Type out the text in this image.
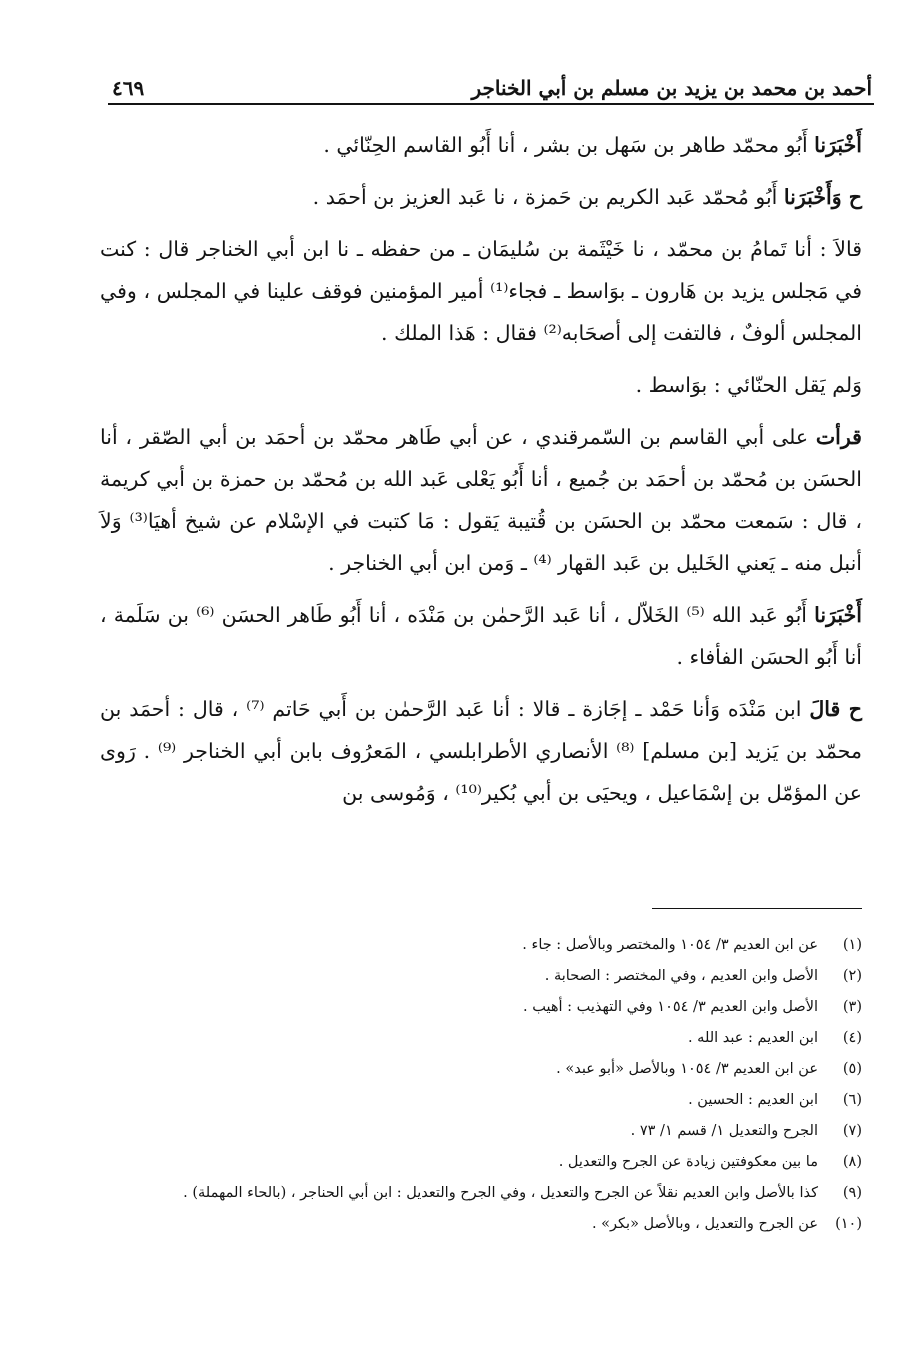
أحمد بن محمد بن يزيد بن مسلم بن أبي الخناجر
٤٦٩

أَخْبَرَنا أَبُو محمّد طاهر بن سَهل بن بشر ، أنا أَبُو القاسم الحِنّائي .

ح وَأَخْبَرَنا أَبُو مُحمّد عَبد الكريم بن حَمزة ، نا عَبد العزيز بن أحمَد .

قالاَ : أنا تَمامُ بن محمّد ، نا خَيْثَمة بن سُليمَان ـ من حفظه ـ نا ابن أبي الخناجر قال : كنت في مَجلس يزيد بن هَارون ـ بوَاسط ـ فجاء⁽¹⁾ أمير المؤمنين فوقف علينا في المجلس ، وفي المجلس ألوفٌ ، فالتفت إلى أصحَابه⁽²⁾ فقال : هَذا الملك .

وَلم يَقل الحنّائي : بوَاسط .

قرأت على أبي القاسم بن السّمرقندي ، عن أبي طَاهر محمّد بن أحمَد بن أبي الصّقر ، أنا الحسَن بن مُحمّد بن أحمَد بن جُميع ، أنا أَبُو يَعْلى عَبد الله بن مُحمّد بن حمزة بن أبي كريمة ، قال : سَمعت محمّد بن الحسَن بن قُتيبة يَقول : مَا كتبت في الإسْلام عن شيخ أهيَا⁽³⁾ وَلاَ أنبل منه ـ يَعني الخَليل بن عَبد القهار ⁽⁴⁾ ـ وَمن ابن أبي الخناجر .

أَخْبَرَنا أَبُو عَبد الله ⁽⁵⁾ الخَلاّل ، أنا عَبد الرَّحمٰن بن مَنْدَه ، أنا أَبُو طَاهر الحسَن ⁽⁶⁾ بن سَلَمة ، أنا أَبُو الحسَن الفأفاء .

ح قالَ ابن مَنْدَه وَأنا حَمْد ـ إجَازة ـ قالا : أنا عَبد الرَّحمٰن بن أَبي حَاتم ⁽⁷⁾ ، قال : أحمَد بن محمّد بن يَزيد [بن مسلم] ⁽⁸⁾ الأنصاري الأطرابلسي ، المَعرُوف بابن أبي الخناجر ⁽⁹⁾ . رَوى عن المؤمّل بن إسْمَاعيل ، ويحيَى بن أبي بُكير⁽¹⁰⁾ ، وَمُوسى بن

(١)
عن ابن العديم ٣/ ١٠٥٤ والمختصر وبالأصل : جاء .
(٢)
الأصل وابن العديم ، وفي المختصر : الصحابة .
(٣)
الأصل وابن العديم ٣/ ١٠٥٤ وفي التهذيب : أهيب .
(٤)
ابن العديم : عبد الله .
(٥)
عن ابن العديم ٣/ ١٠٥٤ وبالأصل «أبو عبد» .
(٦)
ابن العديم : الحسين .
(٧)
الجرح والتعديل ١/ قسم ١/ ٧٣ .
(٨)
ما بين معكوفتين زيادة عن الجرح والتعديل .
(٩)
كذا بالأصل وابن العديم نقلاً عن الجرح والتعديل ، وفي الجرح والتعديل : ابن أبي الحناجر ، (بالحاء المهملة) .
(١٠)
عن الجرح والتعديل ، وبالأصل «بكر» .
